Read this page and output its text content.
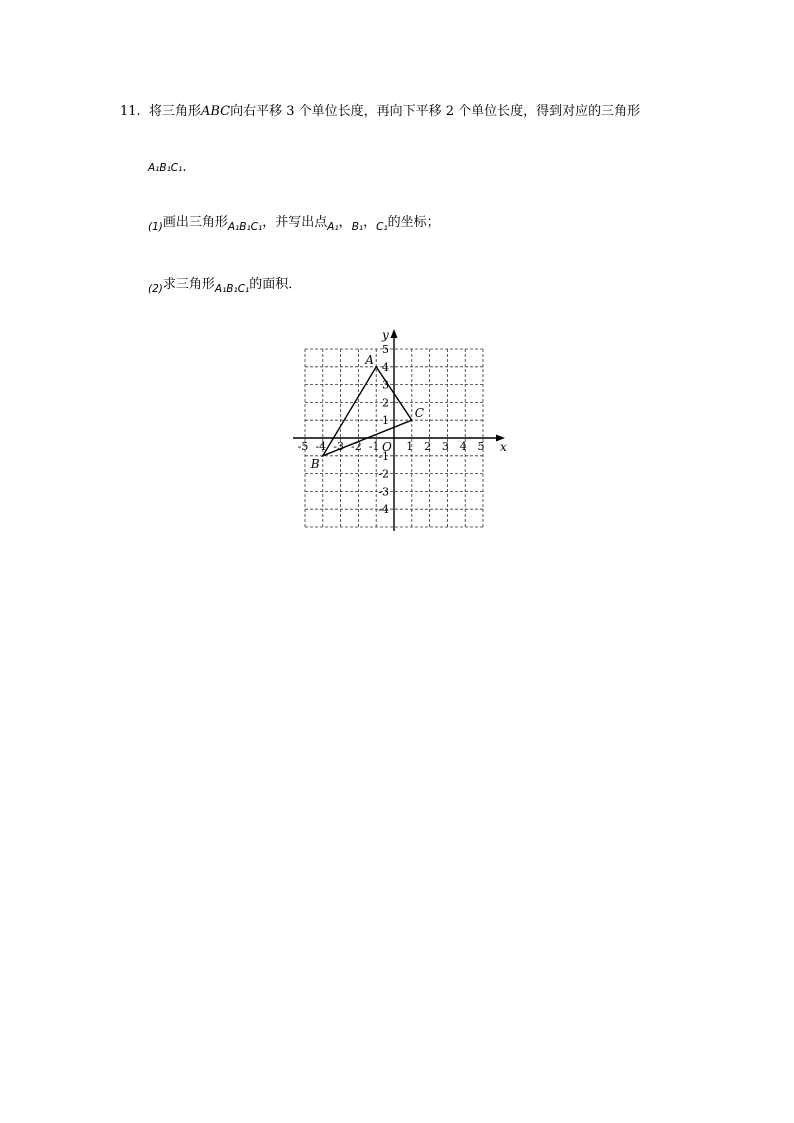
11. 将三角形ABC向右平移 3 个单位长度，再向下平移 2 个单位长度，得到对应的三角形
A₁B₁C₁.
$_{(1)}$画出三角形$_{A_1B_1C_1}$，并写出点$_{A_1}$，$_{B_1}$，$_{C_1}$的坐标；
$_{(2)}$求三角形$_{A_1B_1C_1}$的面积．
x
y
O
-5 -4 -3 -2 -1 1 2 3 4 5
5
4
3
2
1
-1
-2
-3
-4
A
B
C
